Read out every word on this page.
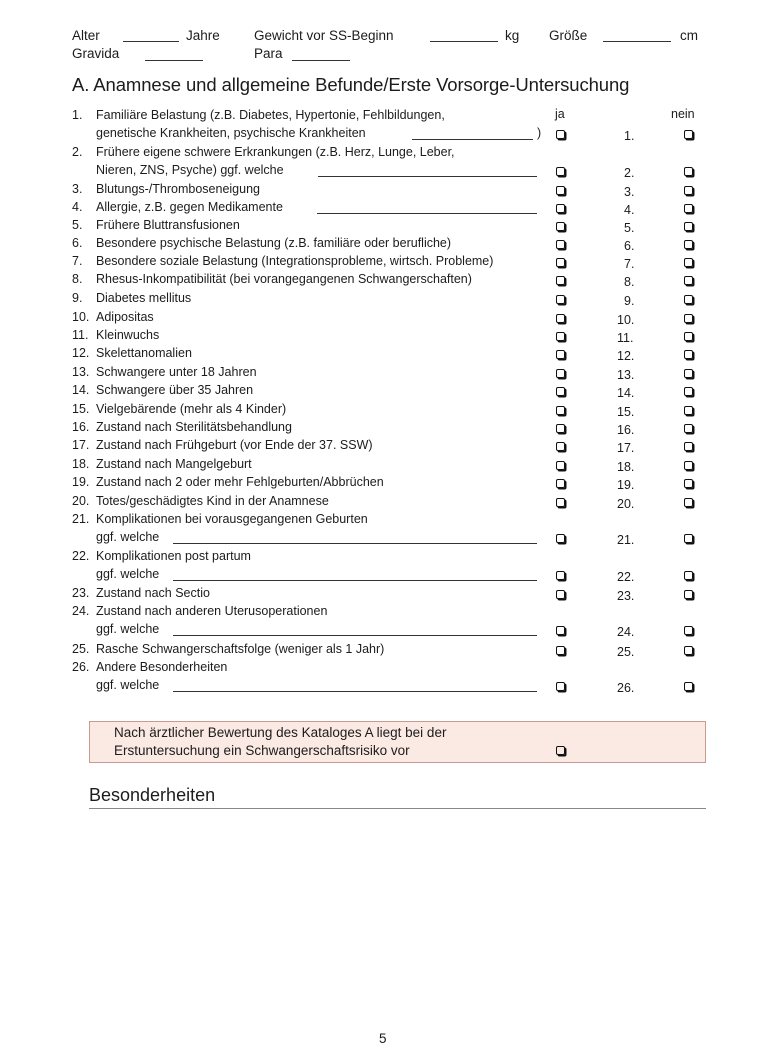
Alter	Jahre	Gewicht vor SS-Beginn	kg Größe	cm
Gravida	Para
A. Anamnese und allgemeine Befunde/Erste Vorsorge-Untersuchung
ja	nein
1.	Familiäre Belastung (z.B. Diabetes, Hypertonie, Fehlbildungen,
genetische Krankheiten, psychische Krankheiten	)	1.
2.	Frühere eigene schwere Erkrankungen (z.B. Herz, Lunge, Leber,
Nieren, ZNS, Psyche) ggf. welche	2.
3.	Blutungs-/Thromboseneigung	3.
4.	Allergie, z.B. gegen Medikamente	4.
5.	Frühere Bluttransfusionen	5.
6.	Besondere psychische Belastung (z.B. familiäre oder berufliche)	6.
7.	Besondere soziale Belastung (Integrationsprobleme, wirtsch. Probleme)	7.
8.	Rhesus-Inkompatibilität (bei vorangegangenen Schwangerschaften)	8.
9.	Diabetes mellitus	9.
10. Adipositas	10.
11. Kleinwuchs	11.
12. Skelettanomalien	12.
13. Schwangere unter 18 Jahren	13.
14. Schwangere über 35 Jahren	14.
15. Vielgebärende (mehr als 4 Kinder)	15.
16. Zustand nach Sterilitätsbehandlung	16.
17. Zustand nach Frühgeburt (vor Ende der 37. SSW)	17.
18. Zustand nach Mangelgeburt	18.
19. Zustand nach 2 oder mehr Fehlgeburten/Abbrüchen	19.
20. Totes/geschädigtes Kind in der Anamnese	20.
21. Komplikationen bei vorausgegangenen Geburten
ggf. welche	21.
22. Komplikationen post partum
ggf. welche	22.
23. Zustand nach Sectio	23.
24. Zustand nach anderen Uterusoperationen
ggf. welche	24.
25. Rasche Schwangerschaftsfolge (weniger als 1 Jahr)	25.
26. Andere Besonderheiten
ggf. welche	26.
Nach ärztlicher Bewertung des Kataloges A liegt bei der
Erstuntersuchung ein Schwangerschaftsrisiko vor
Besonderheiten
5
